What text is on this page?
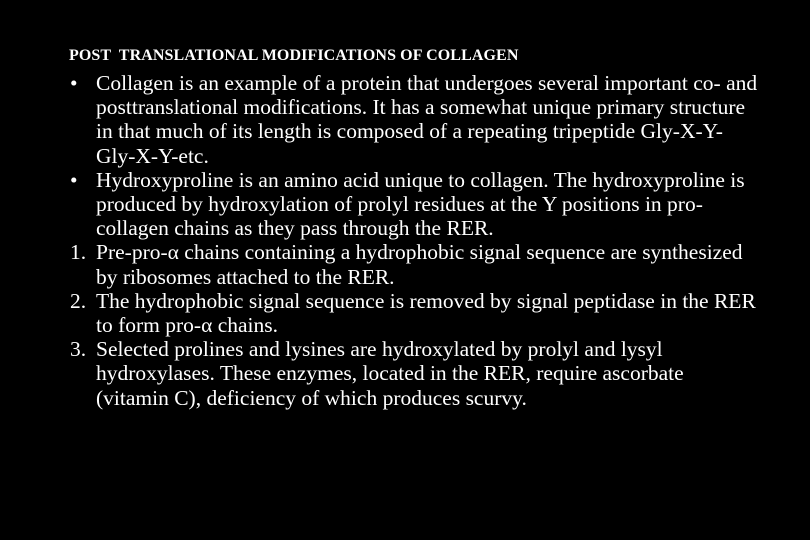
POST  TRANSLATIONAL MODIFICATIONS OF COLLAGEN
• Collagen is an example of a protein that undergoes several important co- and posttranslational modifications. It has a somewhat unique primary structure in that much of its length is composed of a repeating tripeptide Gly-X-Y-Gly-X-Y-etc.
• Hydroxyproline is an amino acid unique to collagen. The hydroxyproline is produced by hydroxylation of prolyl residues at the Y positions in pro-collagen chains as they pass through the RER.
1. Pre-pro-α chains containing a hydrophobic signal sequence are synthesized by ribosomes attached to the RER.
2. The hydrophobic signal sequence is removed by signal peptidase in the RER to form pro-α chains.
3. Selected prolines and lysines are hydroxylated by prolyl and lysyl hydroxylases. These enzymes, located in the RER, require ascorbate (vitamin C), deficiency of which produces scurvy.
